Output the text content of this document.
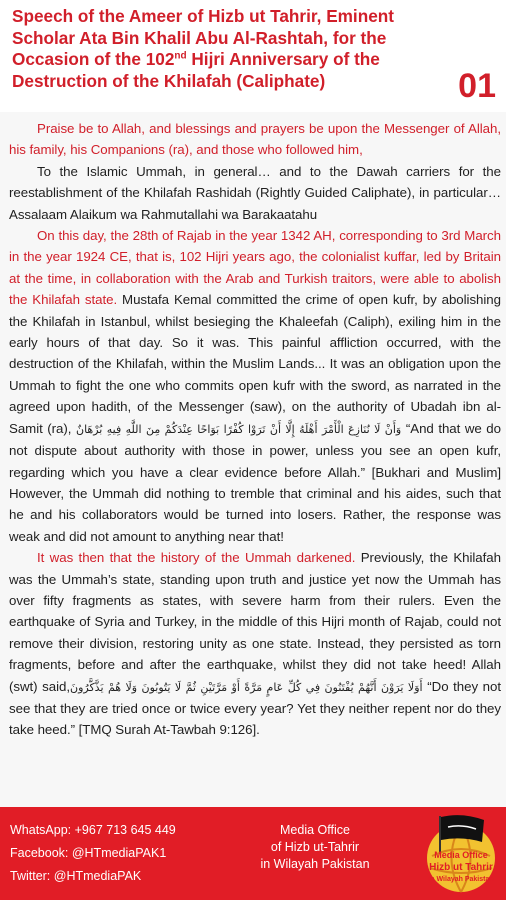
Speech of the Ameer of Hizb ut Tahrir, Eminent Scholar Ata Bin Khalil Abu Al-Rashtah, for the Occasion of the 102nd Hijri Anniversary of the Destruction of the Khilafah (Caliphate)	01

Praise be to Allah, and blessings and prayers be upon the Messenger of Allah, his family, his Companions (ra), and those who followed him,

To the Islamic Ummah, in general… and to the Dawah carriers for the reestablishment of the Khilafah Rashidah (Rightly Guided Caliphate), in particular… Assalaam Alaikum wa Rahmutallahi wa Barakaatahu

On this day, the 28th of Rajab in the year 1342 AH, corresponding to 3rd March in the year 1924 CE, that is, 102 Hijri years ago, the colonialist kuffar, led by Britain at the time, in collaboration with the Arab and Turkish traitors, were able to abolish the Khilafah state. Mustafa Kemal committed the crime of open kufr, by abolishing the Khilafah in Istanbul, whilst besieging the Khaleefah (Caliph), exiling him in the early hours of that day. So it was. This painful affliction occurred, with the destruction of the Khilafah, within the Muslim Lands... It was an obligation upon the Ummah to fight the one who commits open kufr with the sword, as narrated in the agreed upon hadith, of the Messenger (saw), on the authority of Ubadah ibn al-Samit (ra), وَأَنْ لَا نُنَازِعَ الْأَمْرَ أَهْلَهُ إِلَّا أَنْ تَرَوْا كُفْرًا بَوَاحًا عِنْدَكُمْ مِنَ اللَّهِ فِيهِ بُرْهَانٌ “And that we do not dispute about authority with those in power, unless you see an open kufr, regarding which you have a clear evidence before Allah.” [Bukhari and Muslim] However, the Ummah did nothing to tremble that criminal and his aides, such that he and his collaborators would be turned into losers. Rather, the response was weak and did not amount to anything near that!

It was then that the history of the Ummah darkened. Previously, the Khilafah was the Ummah’s state, standing upon truth and justice yet now the Ummah has over fifty fragments as states, with severe harm from their rulers. Even the earthquake of Syria and Turkey, in the middle of this Hijri month of Rajab, could not remove their division, restoring unity as one state. Instead, they persisted as torn fragments, before and after the earthquake, whilst they did not take heed! Allah (swt) said,أَوَلَا يَرَوْنَ أَنَّهُمْ يُفْتَنُونَ فِي كُلِّ عَامٍ مَرَّةً أَوْ مَرَّتَيْنِ ثُمَّ لَا يَتُوبُونَ وَلَا هُمْ يَذَّكَّرُونَ “Do they not see that they are tried once or twice every year? Yet they neither repent nor do they take heed.” [TMQ Surah At-Tawbah 9:126].

WhatsApp: +967 713 645 449
Facebook: @HTmediaPAK1
Twitter: @HTmediaPAK
Media Office
of Hizb ut-Tahrir
in Wilayah Pakistan
Media Office
Hizb ut Tahrir
in Wilayah Pakistan
